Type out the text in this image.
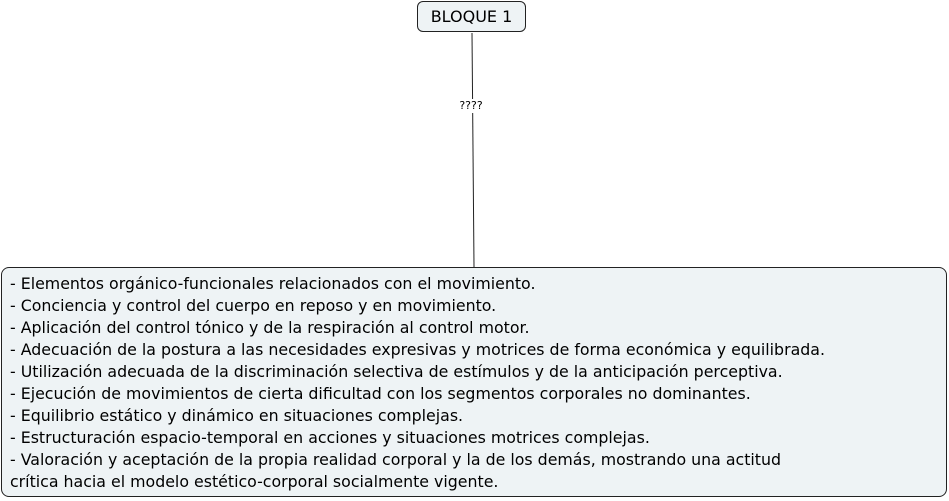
BLOQUE 1
????
- Elementos orgánico-funcionales relacionados con el movimiento.
- Conciencia y control del cuerpo en reposo y en movimiento.
- Aplicación del control tónico y de la respiración al control motor.
- Adecuación de la postura a las necesidades expresivas y motrices de forma económica y equilibrada.
- Utilización adecuada de la discriminación selectiva de estímulos y de la anticipación perceptiva.
- Ejecución de movimientos de cierta dificultad con los segmentos corporales no dominantes.
- Equilibrio estático y dinámico en situaciones complejas.
- Estructuración espacio-temporal en acciones y situaciones motrices complejas.
- Valoración y aceptación de la propia realidad corporal y la de los demás, mostrando una actitud
crítica hacia el modelo estético-corporal socialmente vigente.
